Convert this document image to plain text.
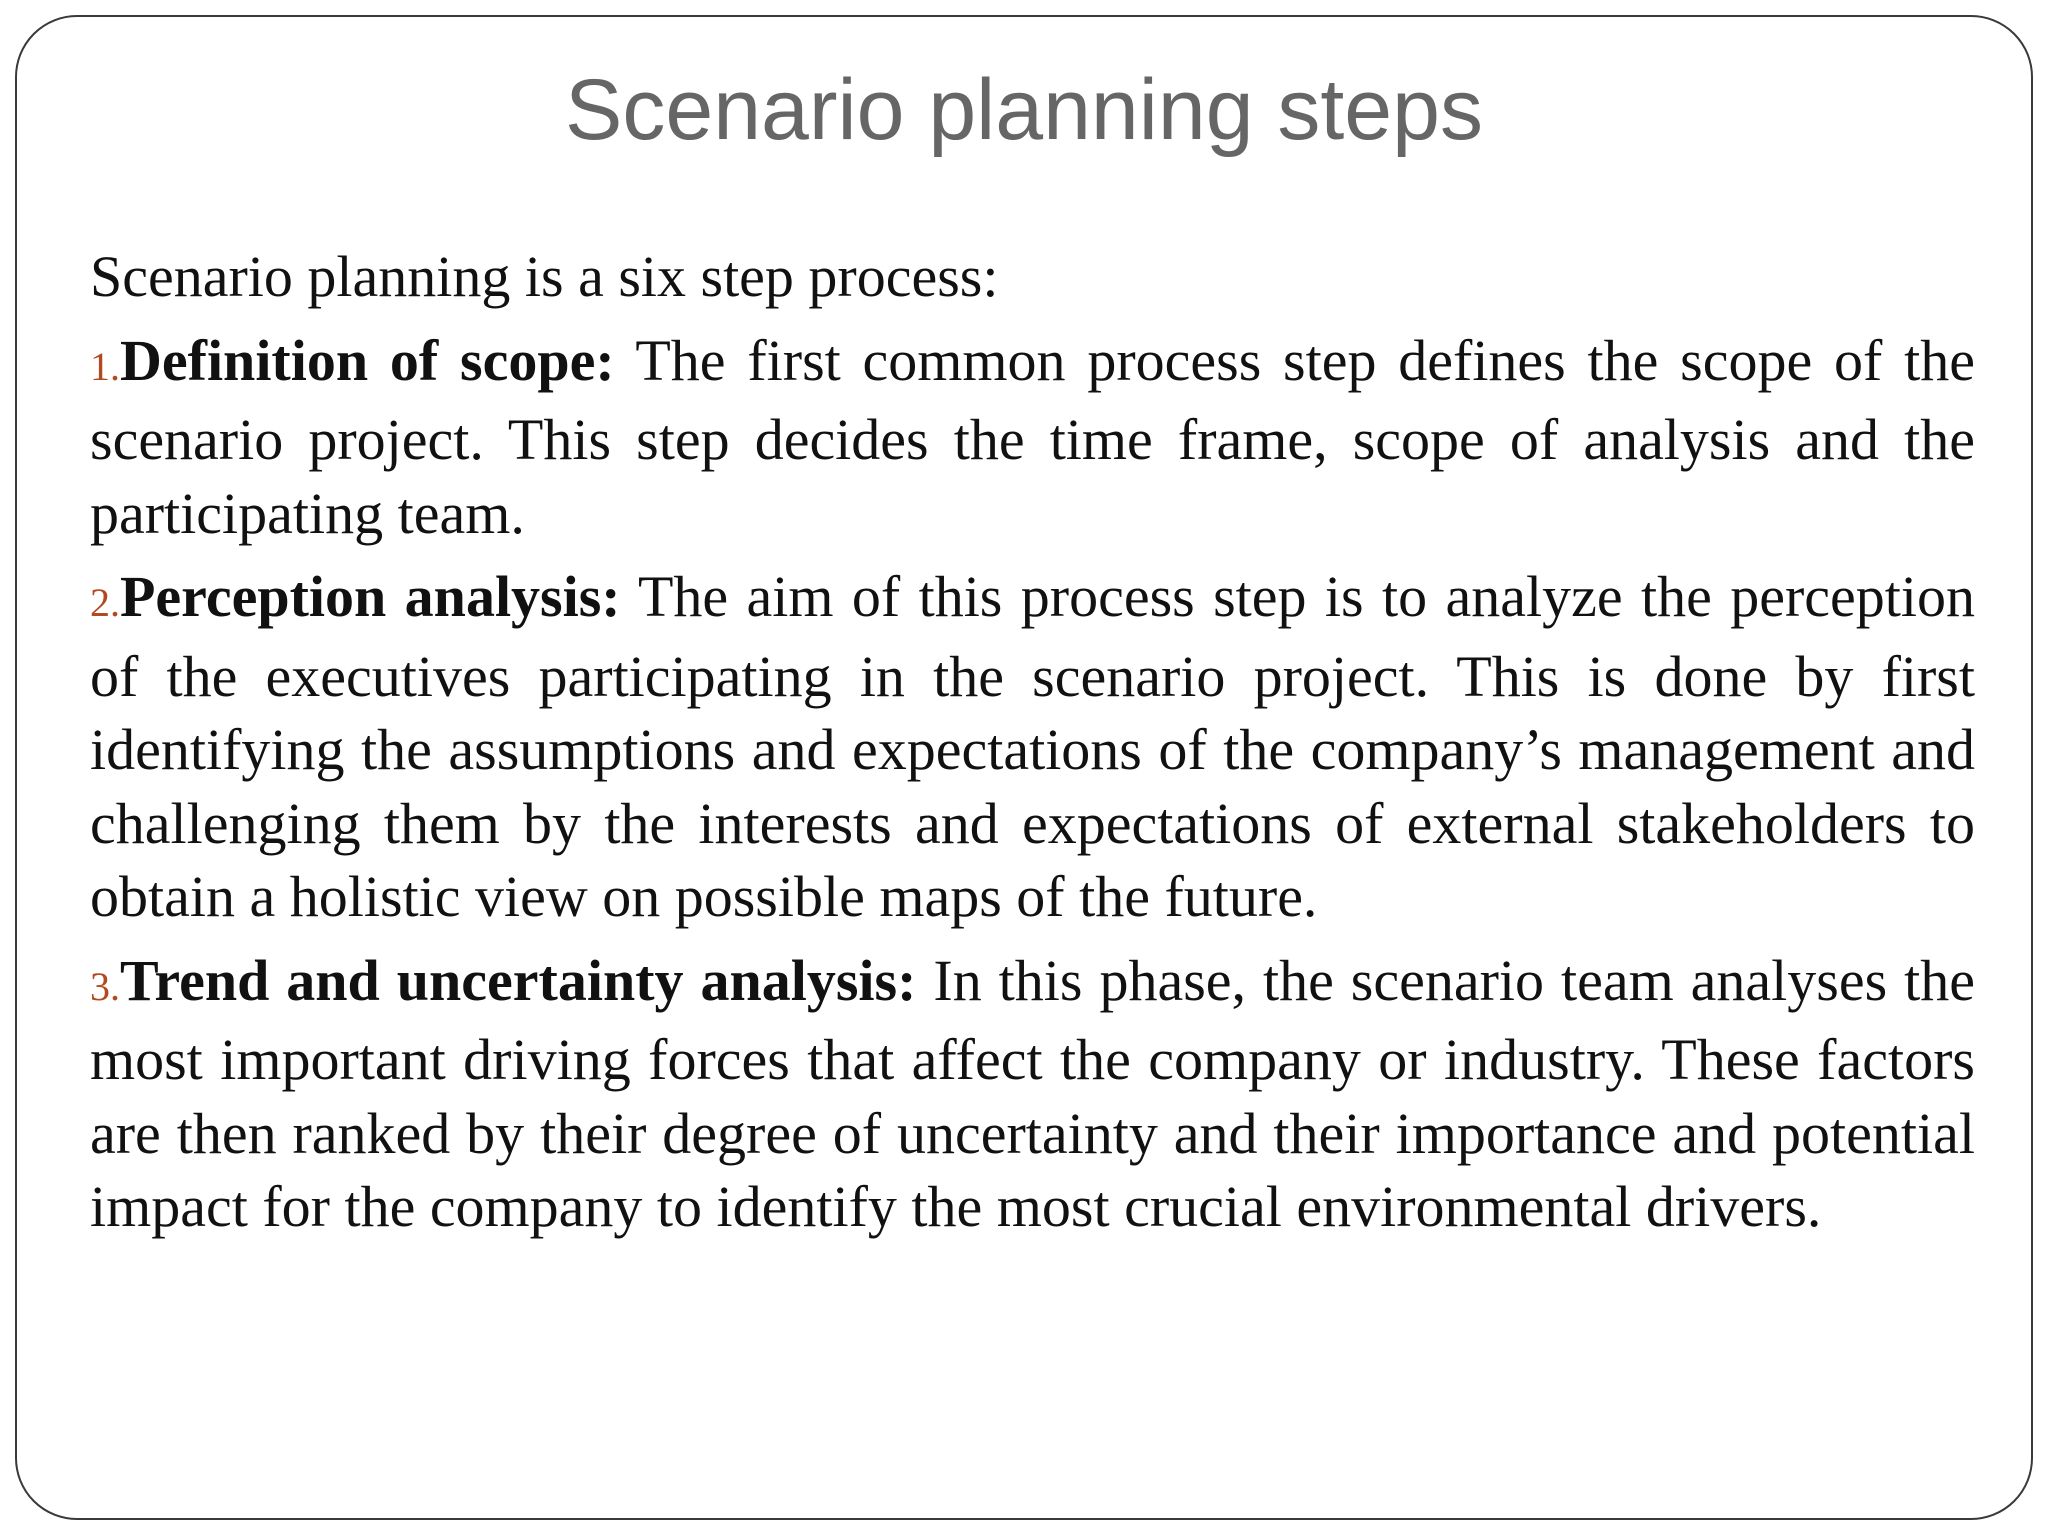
Scenario planning steps

Scenario planning is a six step process:

1.Definition of scope: The first common process step defines the scope of the scenario project. This step decides the time frame, scope of analysis and the participating team.

2.Perception analysis: The aim of this process step is to analyze the perception of the executives participating in the scenario project. This is done by first identifying the assumptions and expectations of the company’s management and challenging them by the interests and expectations of external stakeholders to obtain a holistic view on possible maps of the future.

3.Trend and uncertainty analysis: In this phase, the scenario team analyses the most important driving forces that affect the company or industry. These factors are then ranked by their degree of uncertainty and their importance and potential impact for the company to identify the most crucial environmental drivers.
